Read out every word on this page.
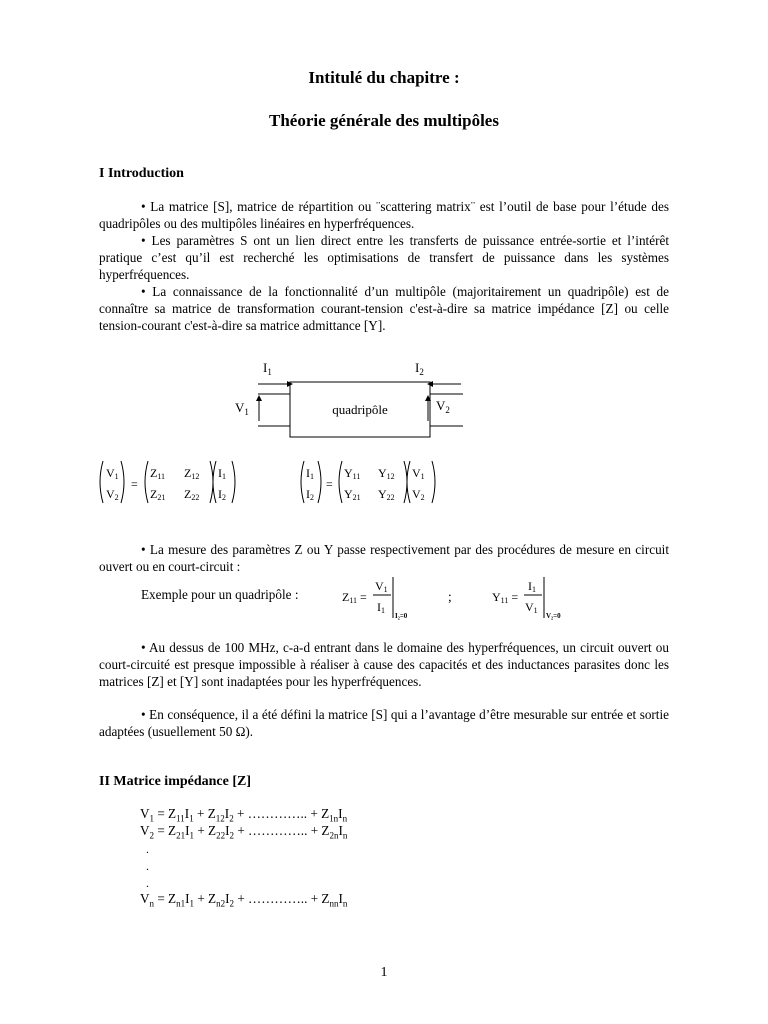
Intitulé du chapitre :
Théorie générale des multipôles
I Introduction

• La matrice [S], matrice de répartition ou ¨scattering matrix¨ est l’outil de base pour l’étude des quadripôles ou des multipôles linéaires en hyperfréquences.

• Les paramètres S ont un lien direct entre les transferts de puissance entrée-sortie et l’intérêt pratique c’est qu’il est recherché les optimisations de transfert de puissance dans les systèmes hyperfréquences.

• La connaissance de la fonctionnalité d’un multipôle (majoritairement un quadripôle) est de connaître sa matrice de transformation courant-tension c'est-à-dire sa matrice impédance [Z] ou celle tension-courant c'est-à-dire sa matrice admittance [Y].

quadripôle
$I_1$	$I_2$
$V_1$	$V_2$
V1
V2
=
Z11 Z12
Z21 Z22
I1
I2
I1
I2
=
Y11 Y12
Y21 Y22
V1
V2

• La mesure des paramètres Z ou Y passe respectivement par des procédures de mesure en circuit ouvert ou en court-circuit :

Exemple pour un quadripôle :	Z11 =
V1
I1
I₂=0
;	Y11 =
I1
V1
V₂=0

• Au dessus de 100 MHz, c-a-d entrant dans le domaine des hyperfréquences, un circuit ouvert ou court-circuité est presque impossible à réaliser à cause des capacités et des inductances parasites donc les matrices [Z] et [Y] sont inadaptées pour les hyperfréquences.

• En conséquence, il a été défini la matrice [S] qui a l’avantage d’être mesurable sur entrée et sortie adaptées (usuellement 50 Ω).

II Matrice impédance [Z]
$V_1 = Z_{11}I_1 + Z_{12}I_2$ + ………….. + $Z_{1n}I_n$
$V_2 = Z_{21}I_1 + Z_{22}I_2$ + ………….. + $Z_{2n}I_n$
.
.
.
$V_n = Z_{n1}I_1 + Z_{n2}I_2$ + ………….. + $Z_{nn}I_n$
1
